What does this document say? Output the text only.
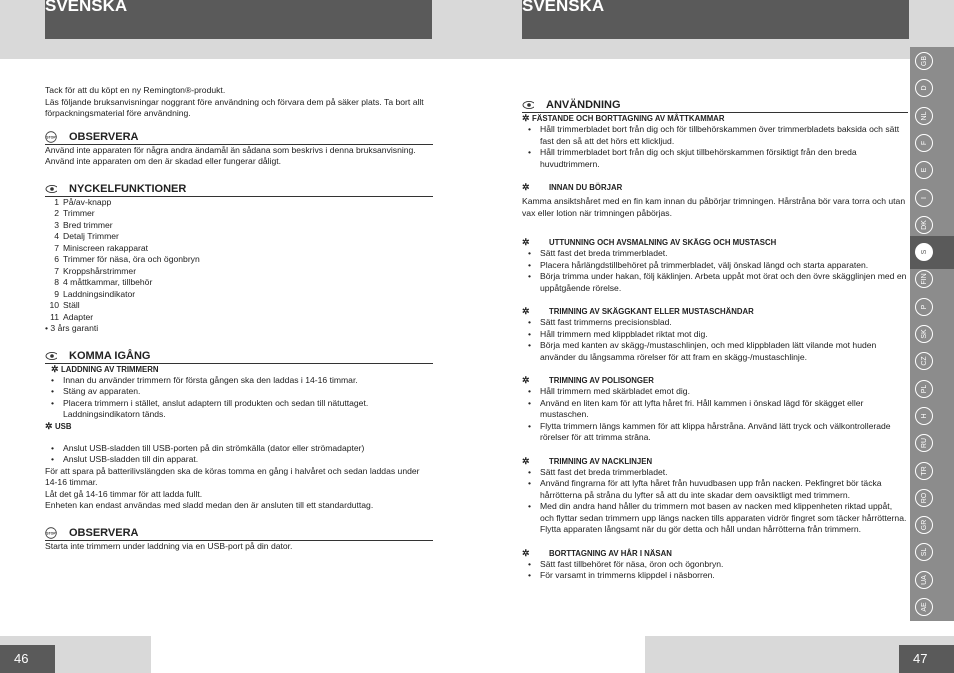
SVENSKA	SVENSKA

Tack för att du köpt en ny Remington®-produkt.

Läs följande bruksanvisningar noggrant före användning och förvara dem på säker plats. Ta bort allt förpackningsmaterial före användning.

STOP OBSERVERA

Använd inte apparaten för några andra ändamål än sådana som beskrivs i denna bruksanvisning.

Använd inte apparaten om den är skadad eller fungerar dåligt.

NYCKELFUNKTIONER
1 På/av-knapp
2 Trimmer
3 Bred trimmer
4 Detalj Trimmer
7 Miniscreen rakapparat
6 Trimmer för näsa, öra och ögonbryn
7 Kroppshårstrimmer
8 4 måttkammar, tillbehör
9 Laddningsindikator
10 Ställ
11 Adapter

• 3 års garanti

KOMMA IGÅNG
✲ LADDNING AV TRIMMERN
• Innan du använder trimmern för första gången ska den laddas i 14-16 timmar.
• Stäng av apparaten.
• Placera trimmern i stället, anslut adaptern till produkten och sedan till nätuttaget. Laddningsindikatorn tänds.
✲ USB
• Anslut USB-sladden till USB-porten på din strömkälla (dator eller strömadapter)
• Anslut USB-sladden till din apparat.

För att spara på batterilivslängden ska de köras tomma en gång i halvåret och sedan laddas under 14-16 timmar.

Låt det gå 14-16 timmar för att ladda fullt.

Enheten kan endast användas med sladd medan den är ansluten till ett standarduttag.

STOP OBSERVERA

Starta inte trimmern under laddning via en USB-port på din dator.

ANVÄNDNING
✲ FÄSTANDE OCH BORTTAGNING AV MÅTTKAMMAR
• Håll trimmerbladet bort från dig och för tillbehörskammen över trimmerbladets baksida och sätt fast den så att det hörs ett klickljud.
• Håll trimmerbladet bort från dig och skjut tillbehörskammen försiktigt från den breda huvudtrimmern.
✲	INNAN DU BÖRJAR

Kamma ansiktshåret med en fin kam innan du påbörjar trimningen. Hårstråna bör vara torra och utan vax eller lotion när trimningen påbörjas.

✲	UTTUNNING OCH AVSMALNING AV SKÄGG OCH MUSTASCH
• Sätt fast det breda trimmerbladet.
• Placera hårlängdstillbehöret på trimmerbladet, välj önskad längd och starta apparaten.
• Börja trimma under hakan, följ käklinjen. Arbeta uppåt mot örat och den övre skägglinjen med en uppåtgående rörelse.
✲	TRIMNING AV SKÄGGKANT ELLER MUSTASCHÄNDAR
• Sätt fast trimmerns precisionsblad.
• Håll trimmern med klippbladet riktat mot dig.
• Börja med kanten av skägg-/mustaschlinjen, och med klippbladen lätt vilande mot huden använder du långsamma rörelser för att fram en skägg-/mustaschlinje.
✲	TRIMNING AV POLISONGER
• Håll trimmern med skärbladet emot dig.
• Använd en liten kam för att lyfta håret fri. Håll kammen i önskad lägd för skägget eller mustaschen.
• Flytta trimmern längs kammen för att klippa hårstråna. Använd lätt tryck och välkontrollerade rörelser för att trimma strâna.
✲	TRIMNING AV NACKLINJEN
• Sätt fast det breda trimmerbladet.
• Använd fingrarna för att lyfta håret från huvudbasen upp från nacken. Pekfingret bör täcka hårrötterna på stråna du lyfter så att du inte skadar dem oavsiktligt med trimmern.
• Med din andra hand håller du trimmern mot basen av nacken med klippenheten riktad uppåt, och flyttar sedan trimmern upp längs nacken tills apparaten vidrör fingret som täcker hårrötterna. Flytta apparaten långsamt när du gör detta och håll undan hårrötterna från trimmern.
✲	BORTTAGNING AV HÅR I NÄSAN
• Sätt fast tillbehöret för näsa, öron och ögonbryn.
• För varsamt in trimmerns klippdel i näsborren.
GB
D
NL
F
E
I
DK
S
FIN
P
SK
CZ
PL
H
RU
TR
RO
GR
SL
UA
AE
46	47
